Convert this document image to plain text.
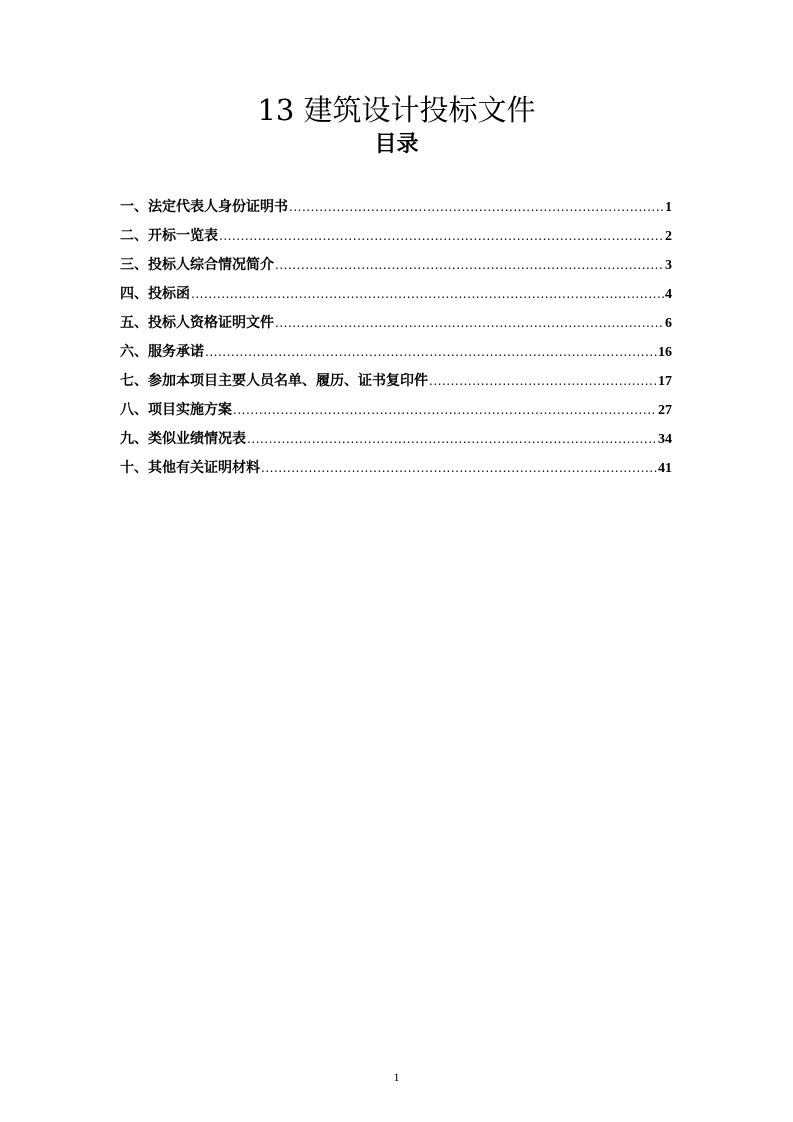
13 建筑设计投标文件
目录
一、法定代表人身份证明书 .....	1
二、开标一览表 .....	2
三、投标人综合情况简介 .....	3
四、投标函 .....	4
五、投标人资格证明文件 .....	6
六、服务承诺 .....	16
七、参加本项目主要人员名单、履历、证书复印件 .....	17
八、项目实施方案 .....	27
九、类似业绩情况表 .....	34
十、其他有关证明材料 .....	41
1
